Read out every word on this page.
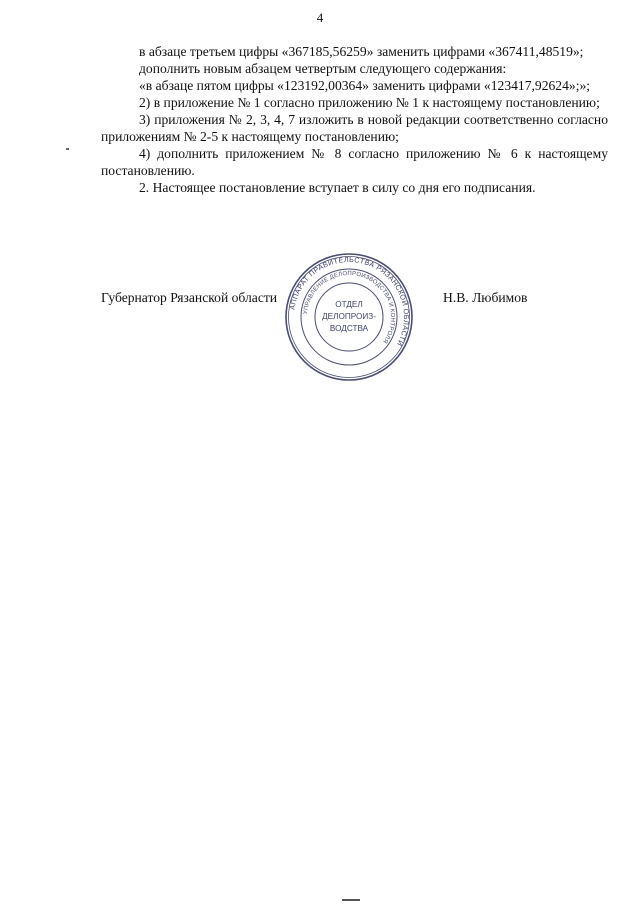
4

в абзаце третьем цифры «367185,56259» заменить цифрами «367411,48519»;

дополнить новым абзацем четвертым следующего содержания:

«в абзаце пятом цифры «123192,00364» заменить цифрами «123417,92624»;»;

2) в приложение № 1 согласно приложению № 1 к настоящему постановлению;

3) приложения № 2, 3, 4, 7 изложить в новой редакции соответственно согласно приложениям № 2-5 к настоящему постановлению;

4) дополнить приложением № 8 согласно приложению № 6 к настоящему постановлению.

2. Настоящее постановление вступает в силу со дня его подписания.

Губернатор Рязанской области	Н.В. Любимов
АППАРАТ ПРАВИТЕЛЬСТВА РЯЗАНСКОЙ ОБЛАСТИ
УПРАВЛЕНИЕ ДЕЛОПРОИЗВОДСТВА И КОНТРОЛЯ
ОТДЕЛ
ДЕЛОПРОИЗ-
ВОДСТВА
